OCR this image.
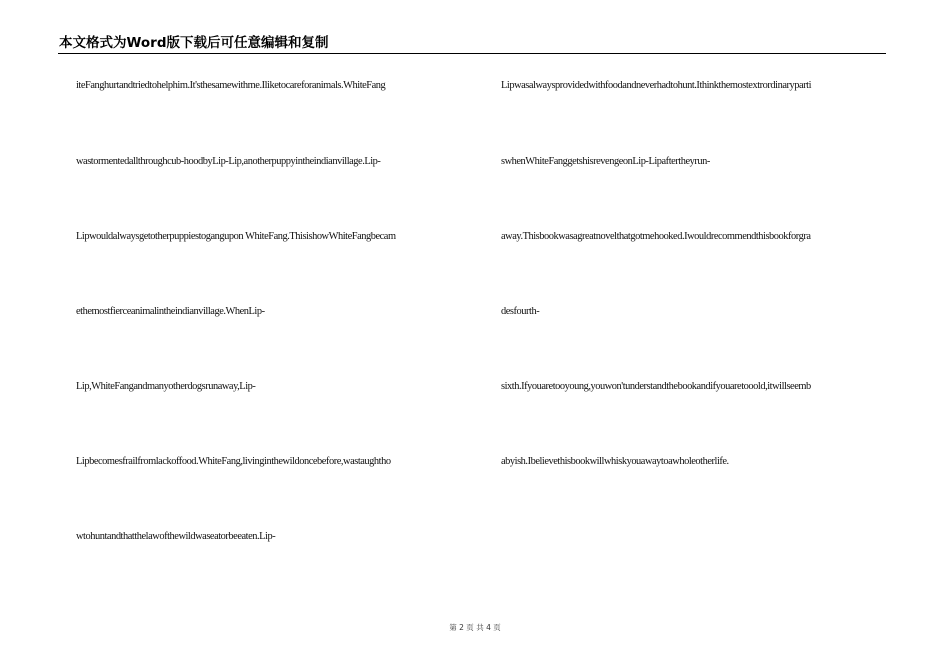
本文格式为Word版下载后可任意编辑和复制
iteFanghurtandtriedtohelphim.It'sthesamewithme.Iliketocareforanimals.WhiteFang
wastormentedallthroughcub-hoodbyLip-Lip,anotherpuppyintheindianvillage.Lip-
Lipwouldalwaysgetotherpuppiestogangupon WhiteFang.ThisishowWhiteFangbecam
ethemostfierceanimalintheindianvillage.WhenLip-
Lip,WhiteFangandmanyotherdogsrunaway,Lip-
Lipbecomesfrailfromlackoffood.WhiteFang,livinginthewildoncebefore,wastaughtho
wtohuntandthatthelawofthewildwaseatorbeeaten.Lip-
Lipwasalwaysprovidedwithfoodandneverhadtohunt.Ithinkthemostextrordinaryparti
swhenWhiteFanggetshisrevengeonLip-Lipaftertheyrun-
away.Thisbookwasagreatnovelthatgotmehooked.Iwouldrecommendthisbookforgra
desfourth-
sixth.Ifyouaretooyoung,youwon'tunderstandthebookandifyouaretooold,itwillseemb
abyish.Ibelievethisbookwillwhiskyouawaytoawholeotherlife.
第 2 页 共 4 页
